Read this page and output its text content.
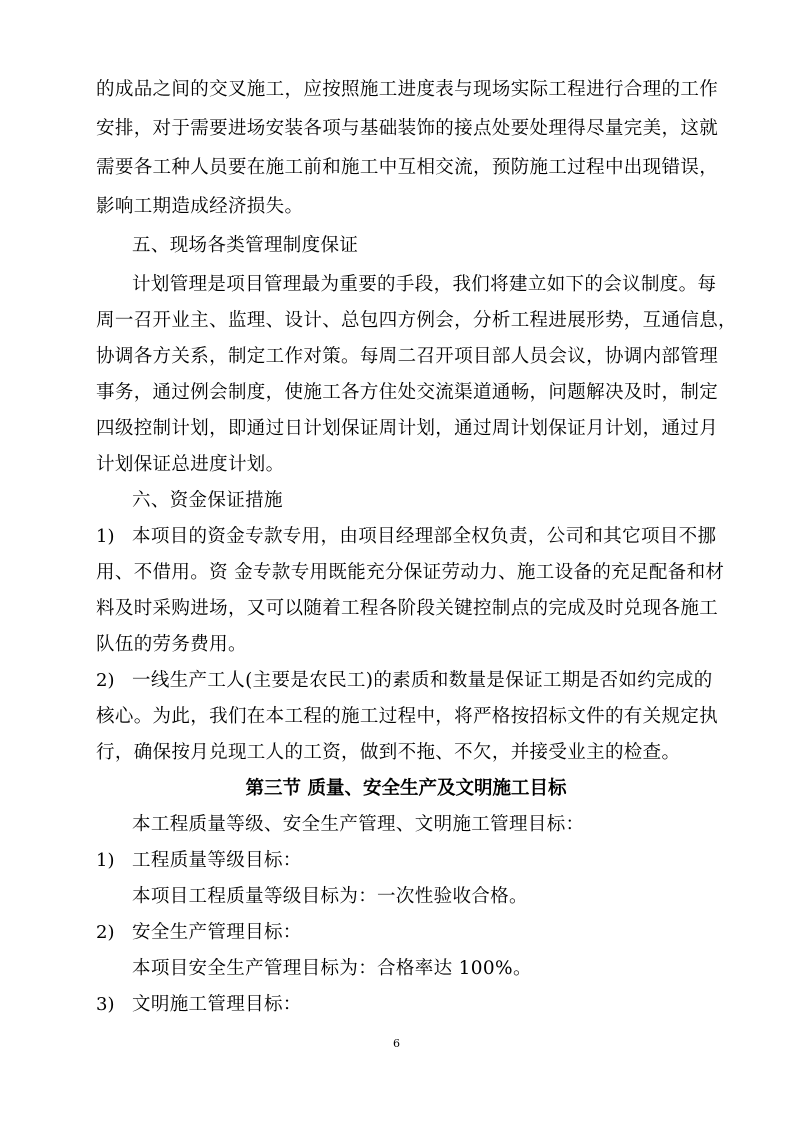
的成品之间的交叉施工，应按照施工进度表与现场实际工程进行合理的工作
安排，对于需要进场安装各项与基础装饰的接点处要处理得尽量完美，这就
需要各工种人员要在施工前和施工中互相交流，预防施工过程中出现错误，
影响工期造成经济损失。
五、现场各类管理制度保证
计划管理是项目管理最为重要的手段，我们将建立如下的会议制度。每
周一召开业主、监理、设计、总包四方例会，分析工程进展形势，互通信息，
协调各方关系，制定工作对策。每周二召开项目部人员会议，协调内部管理
事务，通过例会制度，使施工各方住处交流渠道通畅，问题解决及时，制定
四级控制计划，即通过日计划保证周计划，通过周计划保证月计划，通过月
计划保证总进度计划。
六、资金保证措施
1) 本项目的资金专款专用，由项目经理部全权负责，公司和其它项目不挪
用、不借用。资 金专款专用既能充分保证劳动力、施工设备的充足配备和材
料及时采购进场，又可以随着工程各阶段关键控制点的完成及时兑现各施工
队伍的劳务费用。
2) 一线生产工人(主要是农民工)的素质和数量是保证工期是否如约完成的
核心。为此，我们在本工程的施工过程中，将严格按招标文件的有关规定执
行，确保按月兑现工人的工资，做到不拖、不欠，并接受业主的检查。
第三节 质量、安全生产及文明施工目标
本工程质量等级、安全生产管理、文明施工管理目标：
1) 工程质量等级目标：
本项目工程质量等级目标为：一次性验收合格。
2) 安全生产管理目标：
本项目安全生产管理目标为：合格率达 100%。
3) 文明施工管理目标：
6
